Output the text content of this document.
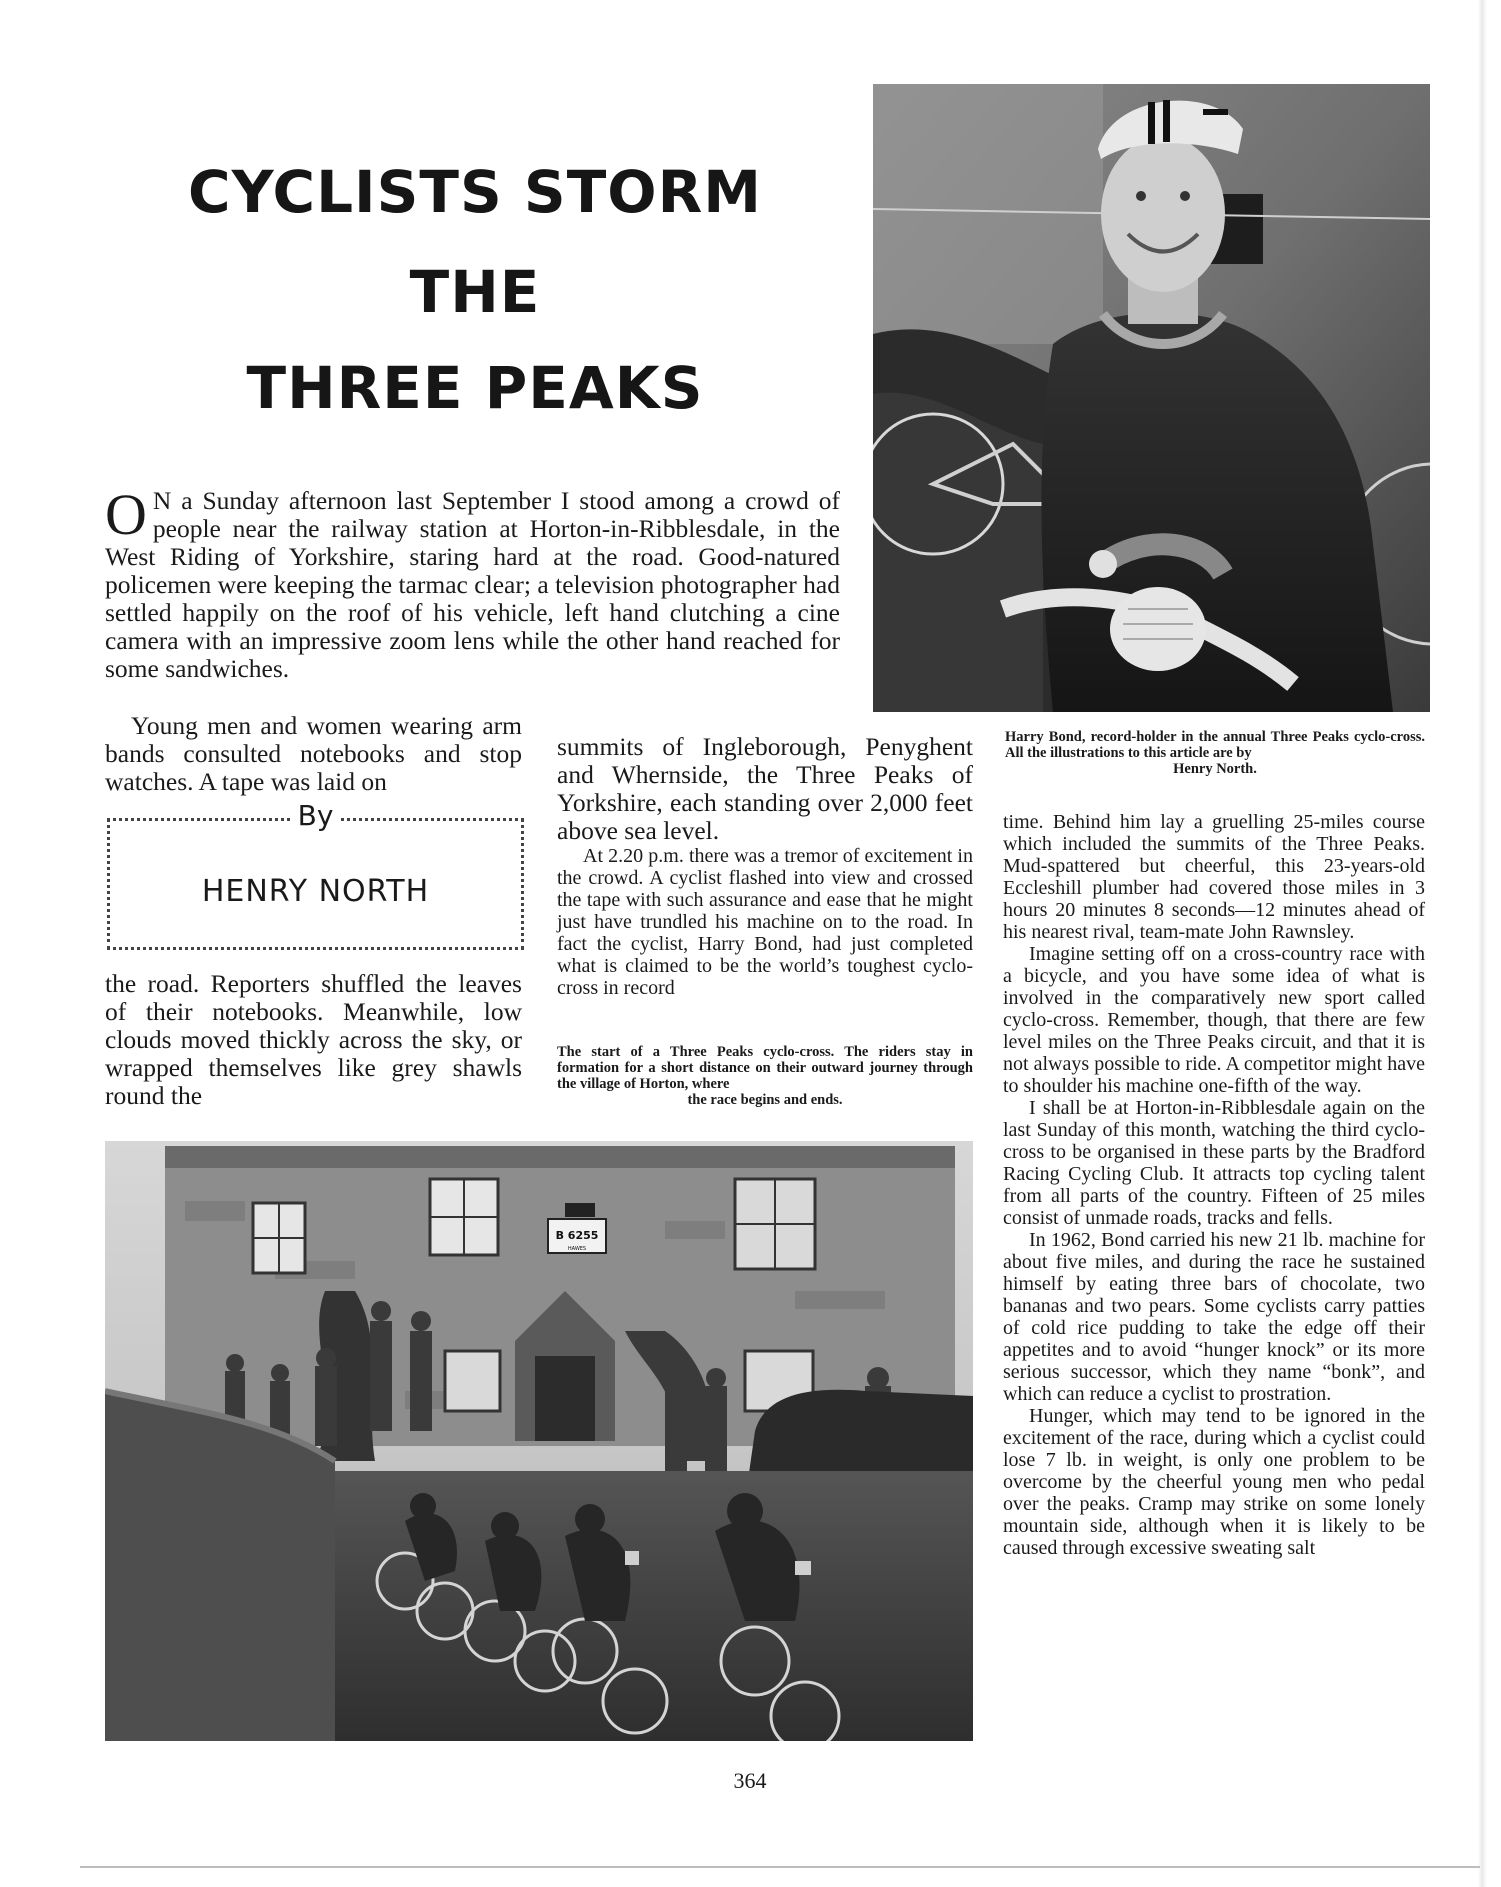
CYCLISTS STORM
THE
THREE PEAKS
Harry Bond, record-holder in the annual Three Peaks cyclo-cross. All the illustrations to this article are by
Henry North.
O N a Sunday afternoon last September I stood among a crowd of people near the railway station at Horton-in-Ribblesdale, in the West Riding of Yorkshire, staring hard at the road. Good-natured policemen were keeping the tarmac clear; a television photographer had settled happily on the roof of his vehicle, left hand clutching a cine camera with an impressive zoom lens while the other hand reached for some sandwiches.

Young men and women wearing arm bands consulted notebooks and stop watches. A tape was laid on

By
HENRY NORTH

the road. Reporters shuffled the leaves of their notebooks. Meanwhile, low clouds moved thickly across the sky, or wrapped themselves like grey shawls round the

summits of Ingleborough, Penyghent and Whernside, the Three Peaks of Yorkshire, each standing over 2,000 feet above sea level.

At 2.20 p.m. there was a tremor of excitement in the crowd. A cyclist flashed into view and crossed the tape with such assurance and ease that he might just have trundled his machine on to the road. In fact the cyclist, Harry Bond, had just completed what is claimed to be the world’s toughest cyclo-cross in record

The start of a Three Peaks cyclo-cross. The riders stay in formation for a short distance on their outward journey through the village of Horton, where
the race begins and ends.

time. Behind him lay a gruelling 25-miles course which included the summits of the Three Peaks. Mud-spattered but cheerful, this 23-years-old Eccleshill plumber had covered those miles in 3 hours 20 minutes 8 seconds—12 minutes ahead of his nearest rival, team-mate John Rawnsley.

Imagine setting off on a cross-country race with a bicycle, and you have some idea of what is involved in the comparatively new sport called cyclo-cross. Remember, though, that there are few level miles on the Three Peaks circuit, and that it is not always possible to ride. A competitor might have to shoulder his machine one-fifth of the way.

I shall be at Horton-in-Ribblesdale again on the last Sunday of this month, watching the third cyclo-cross to be organised in these parts by the Bradford Racing Cycling Club. It attracts top cycling talent from all parts of the country. Fifteen of 25 miles consist of unmade roads, tracks and fells.

In 1962, Bond carried his new 21 lb. machine for about five miles, and during the race he sustained himself by eating three bars of chocolate, two bananas and two pears. Some cyclists carry patties of cold rice pudding to take the edge off their appetites and to avoid “hunger knock” or its more serious successor, which they name “bonk”, and which can reduce a cyclist to prostration.

Hunger, which may tend to be ignored in the excitement of the race, during which a cyclist could lose 7 lb. in weight, is only one problem to be overcome by the cheerful young men who pedal over the peaks. Cramp may strike on some lonely mountain side, although when it is likely to be caused through excessive sweating salt

B 6255
HAWES
364
